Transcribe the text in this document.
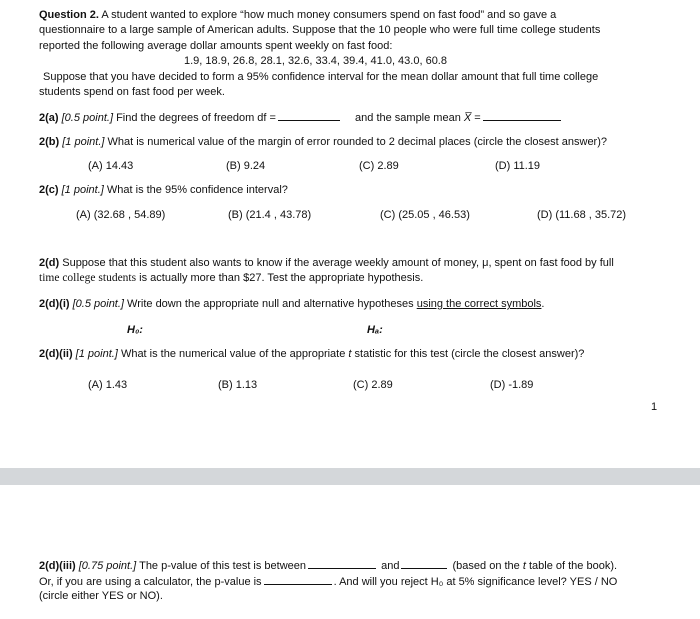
Question 2. A student wanted to explore “how much money consumers spend on fast food” and so gave a
questionnaire to a large sample of American adults. Suppose that the 10 people who were full time college students
reported the following average dollar amounts spent weekly on fast food:
1.9, 18.9, 26.8, 28.1, 32.6, 33.4, 39.4, 41.0, 43.0, 60.8
Suppose that you have decided to form a 95% confidence interval for the mean dollar amount that full time college
students spend on fast food per week.
2(a) [0.5 point.] Find the degrees of freedom df =	and the sample mean X̅ =
2(b) [1 point.] What is numerical value of the margin of error rounded to 2 decimal places (circle the closest answer)?
(A) 14.43	(B) 9.24	(C) 2.89	(D) 11.19
2(c) [1 point.] What is the 95% confidence interval?
(A) (32.68 , 54.89)	(B) (21.4 , 43.78)	(C) (25.05 , 46.53)	(D) (11.68 , 35.72)
2(d) Suppose that this student also wants to know if the average weekly amount of money, μ, spent on fast food by full
time college students is actually more than $27. Test the appropriate hypothesis.
2(d)(i) [0.5 point.] Write down the appropriate null and alternative hypotheses using the correct symbols.
H₀:	Hₐ:
2(d)(ii) [1 point.] What is the numerical value of the appropriate t statistic for this test (circle the closest answer)?
(A) 1.43	(B) 1.13	(C) 2.89	(D) -1.89
1
2(d)(iii) [0.75 point.] The p-value of this test is between	and	(based on the t table of the book).
Or, if you are using a calculator, the p-value is	. And will you reject H₀ at 5% significance level? YES / NO
(circle either YES or NO).
